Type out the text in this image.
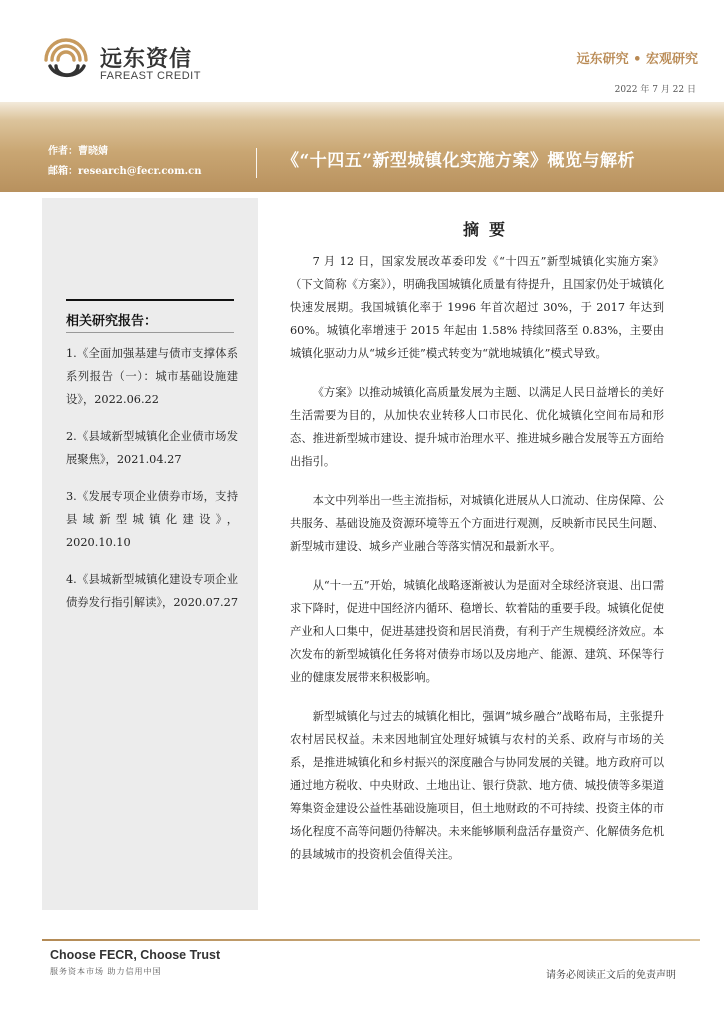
远东资信
FAREAST CREDIT
远东研究 • 宏观研究
2022 年 7 月 22 日
作者：曹晓婧
邮箱：research@fecr.com.cn
《“十四五”新型城镇化实施方案》概览与解析
相关研究报告：
1.《全面加强基建与债市支撑体系系列报告（一）：城市基础设施建设》，2022.06.22
2.《县域新型城镇化企业债市场发展聚焦》，2021.04.27
3.《发展专项企业债券市场，支持县域新型城镇化建设》，2020.10.10
4.《县城新型城镇化建设专项企业债券发行指引解读》，2020.07.27
摘要

7 月 12 日，国家发展改革委印发《“十四五”新型城镇化实施方案》（下文简称《方案》），明确我国城镇化质量有待提升，且国家仍处于城镇化快速发展期。我国城镇化率于 1996 年首次超过 30%，于 2017 年达到 60%。城镇化率增速于 2015 年起由 1.58% 持续回落至 0.83%，主要由城镇化驱动力从“城乡迁徙”模式转变为“就地城镇化”模式导致。

《方案》以推动城镇化高质量发展为主题、以满足人民日益增长的美好生活需要为目的，从加快农业转移人口市民化、优化城镇化空间布局和形态、推进新型城市建设、提升城市治理水平、推进城乡融合发展等五方面给出指引。

本文中列举出一些主流指标，对城镇化进展从人口流动、住房保障、公共服务、基础设施及资源环境等五个方面进行观测，反映新市民民生问题、新型城市建设、城乡产业融合等落实情况和最新水平。

从“十一五”开始，城镇化战略逐渐被认为是面对全球经济衰退、出口需求下降时，促进中国经济内循环、稳增长、软着陆的重要手段。城镇化促使产业和人口集中，促进基建投资和居民消费，有利于产生规模经济效应。本次发布的新型城镇化任务将对债券市场以及房地产、能源、建筑、环保等行业的健康发展带来积极影响。

新型城镇化与过去的城镇化相比，强调“城乡融合”战略布局，主张提升农村居民权益。未来因地制宜处理好城镇与农村的关系、政府与市场的关系，是推进城镇化和乡村振兴的深度融合与协同发展的关键。地方政府可以通过地方税收、中央财政、土地出让、银行贷款、地方债、城投债等多渠道筹集资金建设公益性基础设施项目，但土地财政的不可持续、投资主体的市场化程度不高等问题仍待解决。未来能够顺利盘活存量资产、化解债务危机的县域城市的投资机会值得关注。

Choose FECR, Choose Trust
服务资本市场 助力信用中国	请务必阅读正文后的免责声明
